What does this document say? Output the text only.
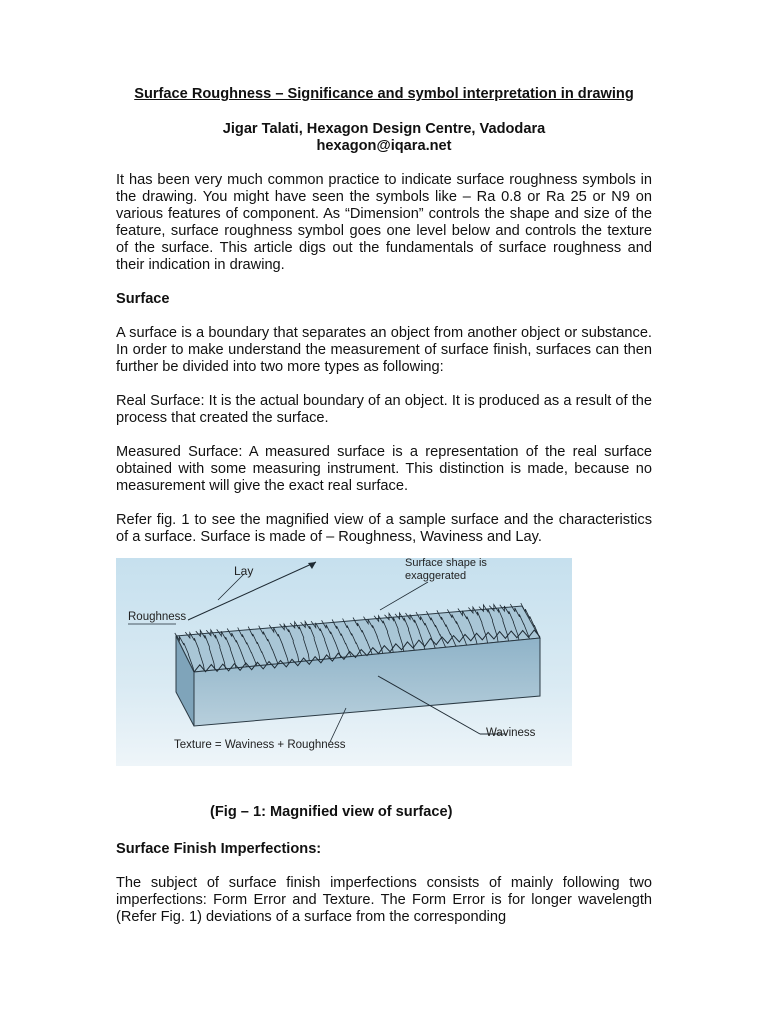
Surface Roughness – Significance and symbol interpretation in drawing
Jigar Talati, Hexagon Design Centre, Vadodara
hexagon@iqara.net

It has been very much common practice to indicate surface roughness symbols in the drawing. You might have seen the symbols like – Ra 0.8 or Ra 25 or N9 on various features of component. As “Dimension” controls the shape and size of the feature, surface roughness symbol goes one level below and controls the texture of the surface. This article digs out the fundamentals of surface roughness and their indication in drawing.

Surface

A surface is a boundary that separates an object from another object or substance. In order to make understand the measurement of surface finish, surfaces can then further be divided into two more types as following:

Real Surface: It is the actual boundary of an object. It is produced as a result of the process that created the surface.

Measured Surface: A measured surface is a representation of the real surface obtained with some measuring instrument. This distinction is made, because no measurement will give the exact real surface.

Refer fig. 1 to see the magnified view of a sample surface and the characteristics of a surface. Surface is made of – Roughness, Waviness and Lay.

Lay
Surface shape is
exaggerated
Roughness
Waviness
Texture = Waviness + Roughness
(Fig – 1: Magnified view of surface)
Surface Finish Imperfections:

The subject of surface finish imperfections consists of mainly following two imperfections: Form Error and Texture. The Form Error is for longer wavelength (Refer Fig. 1) deviations of a surface from the corresponding
